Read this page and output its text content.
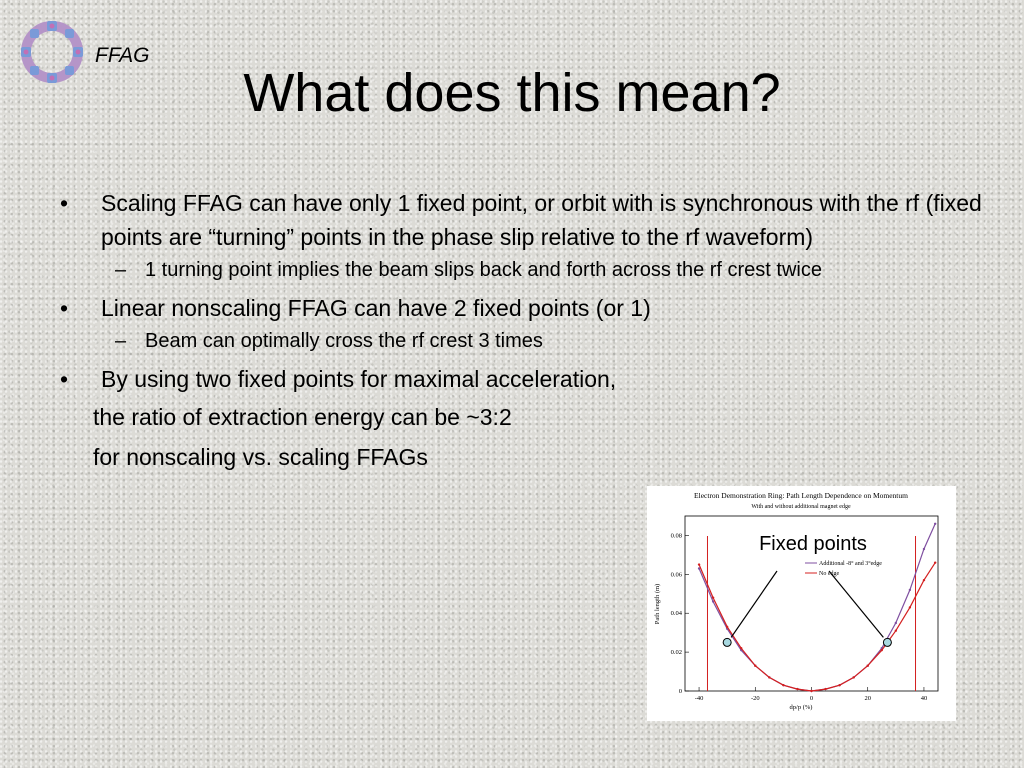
FFAG
What does this mean?
• Scaling FFAG can have only 1 fixed point, or orbit with is synchronous with the rf (fixed points are “turning” points in the phase slip relative to the rf waveform)
– 1 turning point implies the beam slips back and forth across the rf crest twice
• Linear nonscaling FFAG can have 2 fixed points (or 1)
– Beam can optimally cross the rf crest 3 times
• By using two fixed points for maximal acceleration,
the ratio of extraction energy can be ~3:2
for nonscaling vs. scaling FFAGs
Electron Demonstration Ring: Path Length Dependence on Momentum
With and without additional magnet edge
-40	-20	0	20	40
0
0.02
0.04
0.06
0.08
dp/p (%)
Path length (m)
Additional -8° and 3°edge
No edge
Fixed points
